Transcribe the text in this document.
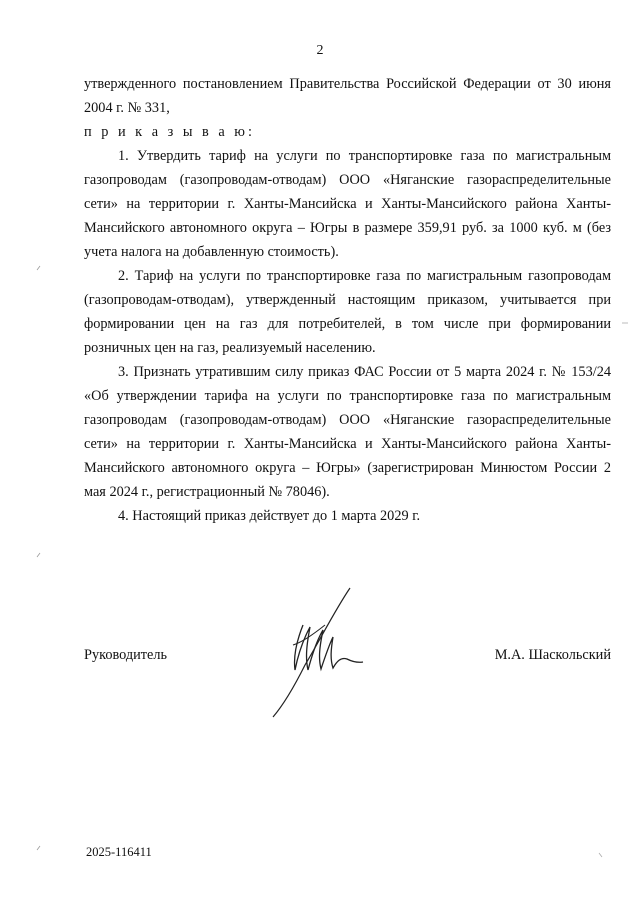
2

утвержденного постановлением Правительства Российской Федерации от 30 июня 2004 г. № 331,

п р и к а з ы в а ю:

1. Утвердить тариф на услуги по транспортировке газа по магистральным газопроводам (газопроводам-отводам) ООО «Няганские газораспределительные сети» на территории г. Ханты-Мансийска и Ханты-Мансийского района Ханты-Мансийского автономного округа – Югры в размере 359,91 руб. за 1000 куб. м (без учета налога на добавленную стоимость).

2. Тариф на услуги по транспортировке газа по магистральным газопроводам (газопроводам-отводам), утвержденный настоящим приказом, учитывается при формировании цен на газ для потребителей, в том числе при формировании розничных цен на газ, реализуемый населению.

3. Признать утратившим силу приказ ФАС России от 5 марта 2024 г. № 153/24 «Об утверждении тарифа на услуги по транспортировке газа по магистральным газопроводам (газопроводам-отводам) ООО «Няганские газораспределительные сети» на территории г. Ханты-Мансийска и Ханты-Мансийского района Ханты-Мансийского автономного округа – Югры» (зарегистрирован Минюстом России 2 мая 2024 г., регистрационный № 78046).

4. Настоящий приказ действует до 1 марта 2029 г.

Руководитель	М.А. Шаскольский
2025-116411
